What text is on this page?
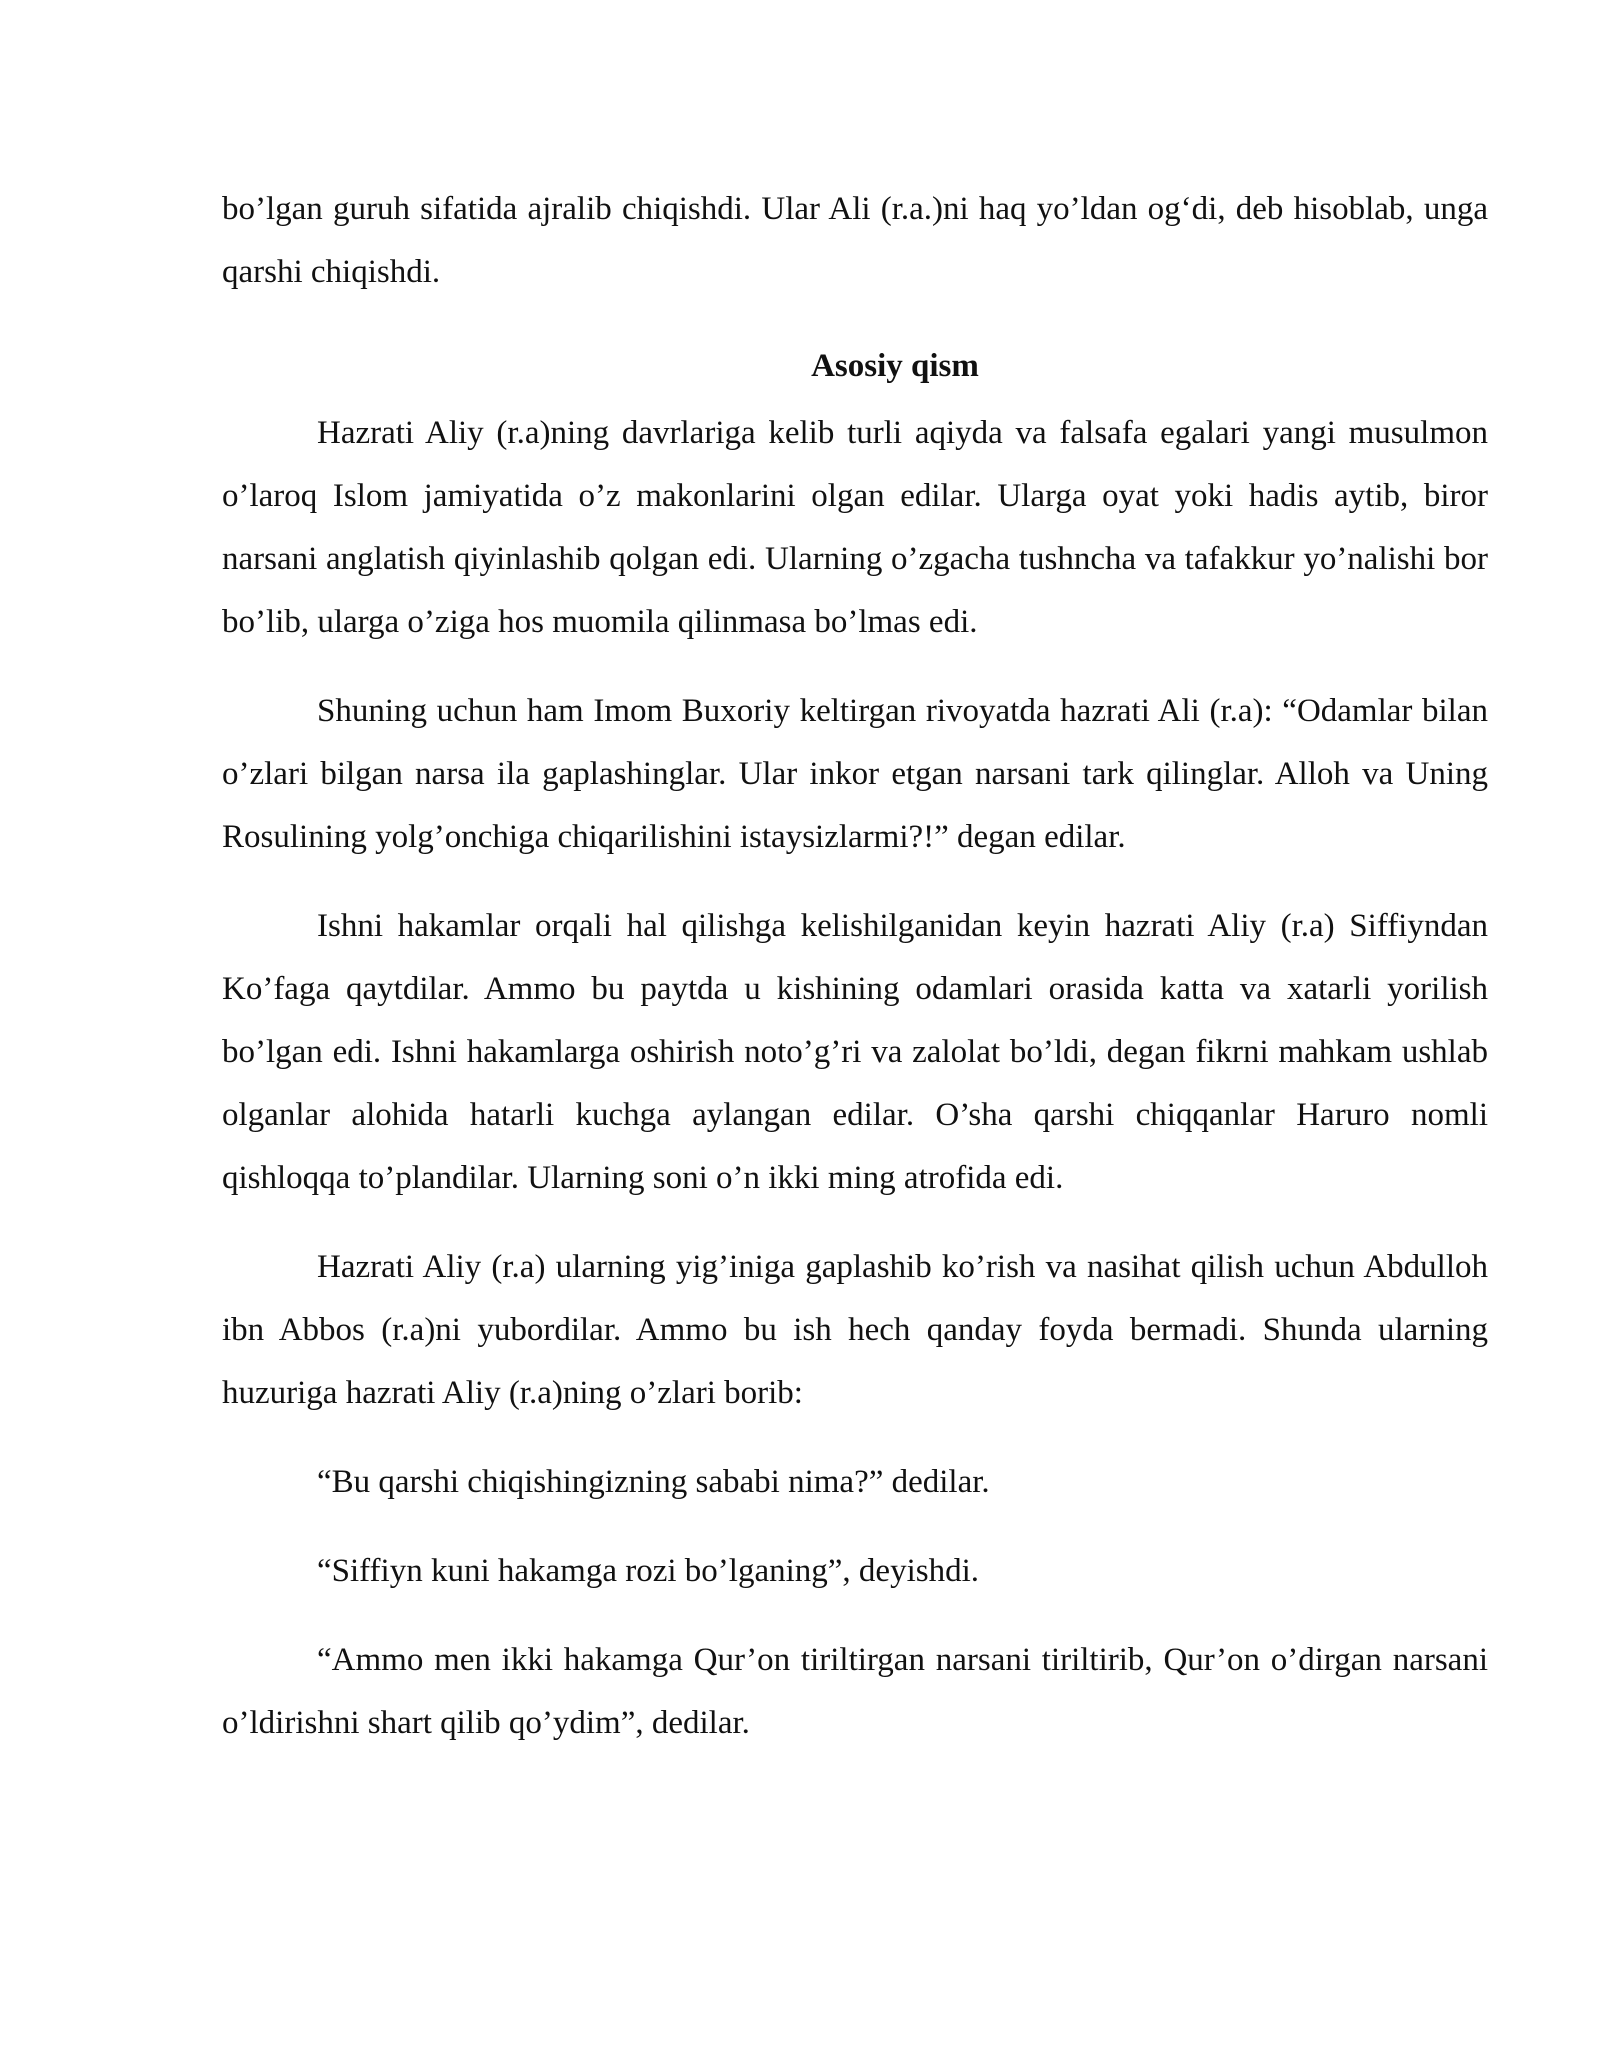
bo’lgan guruh sifatida ajralib chiqishdi. Ular Ali (r.a.)ni haq yo’ldan og‘di, deb hisoblab, unga qarshi chiqishdi.

Asosiy qism

Hazrati Aliy (r.a)ning davrlariga kelib turli aqiyda va falsafa egalari yangi musulmon o’laroq Islom jamiyatida o’z makonlarini olgan edilar. Ularga oyat yoki hadis aytib, biror narsani anglatish qiyinlashib qolgan edi. Ularning o’zgacha tushncha va tafakkur yo’nalishi bor bo’lib, ularga o’ziga hos muomila qilinmasa bo’lmas edi.

Shuning uchun ham Imom Buxoriy keltirgan rivoyatda hazrati Ali (r.a): “Odamlar bilan o’zlari bilgan narsa ila gaplashinglar. Ular inkor etgan narsani tark qilinglar. Alloh va Uning Rosulining yolg’onchiga chiqarilishini istaysizlarmi?!” degan edilar.

Ishni hakamlar orqali hal qilishga kelishilganidan keyin hazrati Aliy (r.a) Siffiyndan Ko’faga qaytdilar. Ammo bu paytda u kishining odamlari orasida katta va xatarli yorilish bo’lgan edi. Ishni hakamlarga oshirish noto’g’ri va zalolat bo’ldi, degan fikrni mahkam ushlab olganlar alohida hatarli kuchga aylangan edilar. O’sha qarshi chiqqanlar Haruro nomli qishloqqa to’plandilar. Ularning soni o’n ikki ming atrofida edi.

Hazrati Aliy (r.a) ularning yig’iniga gaplashib ko’rish va nasihat qilish uchun Abdulloh ibn Abbos (r.a)ni yubordilar. Ammo bu ish hech qanday foyda bermadi. Shunda ularning huzuriga hazrati Aliy (r.a)ning o’zlari borib:

“Bu qarshi chiqishingizning sababi nima?” dedilar.

“Siffiyn kuni hakamga rozi bo’lganing”, deyishdi.

“Ammo men ikki hakamga Qur’on tiriltirgan narsani tiriltirib, Qur’on o’dirgan narsani o’ldirishni shart qilib qo’ydim”, dedilar.
